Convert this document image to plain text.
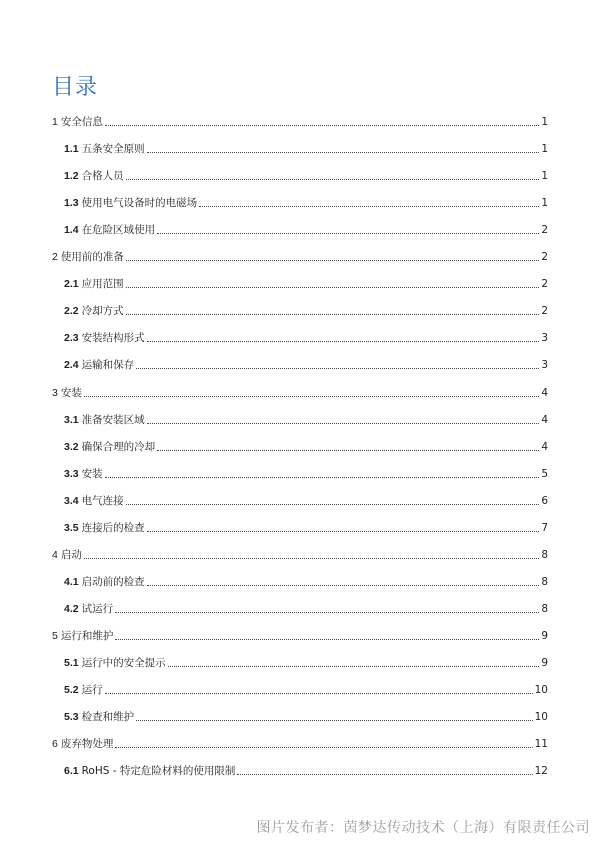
目录
1 安全信息	1
1.1 五条安全原则	1
1.2 合格人员	1
1.3 使用电气设备时的电磁场	1
1.4 在危险区域使用	2
2 使用前的准备	2
2.1 应用范围	2
2.2 冷却方式	2
2.3 安装结构形式	3
2.4 运输和保存	3
3 安装	4
3.1 准备安装区域	4
3.2 确保合理的冷却	4
3.3 安装	5
3.4 电气连接	6
3.5 连接后的检查	7
4 启动	8
4.1 启动前的检查	8
4.2 试运行	8
5 运行和维护	9
5.1 运行中的安全提示	9
5.2 运行	10
5.3 检查和维护	10
6 废弃物处理	11
6.1 RoHS - 特定危险材料的使用限制	12
图片发布者：茵梦达传动技术（上海）有限责任公司
